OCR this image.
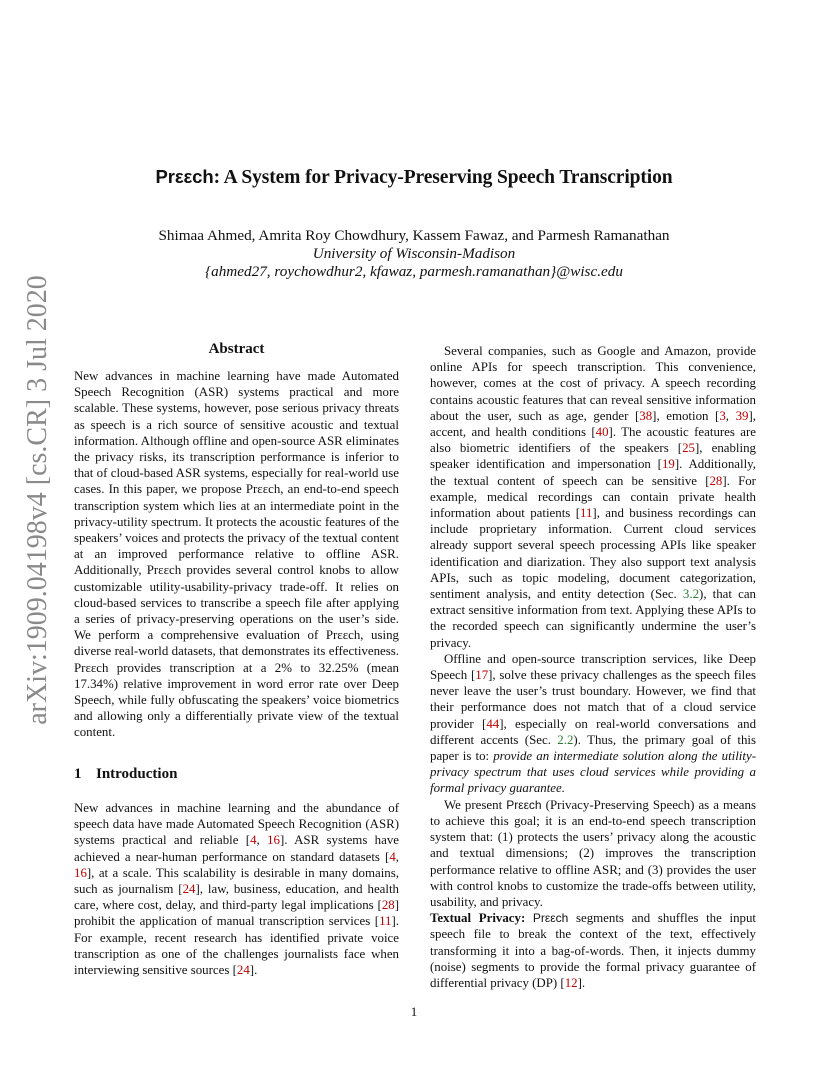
arXiv:1909.04198v4 [cs.CR] 3 Jul 2020
Prεεch: A System for Privacy-Preserving Speech Transcription
Shimaa Ahmed, Amrita Roy Chowdhury, Kassem Fawaz, and Parmesh Ramanathan
University of Wisconsin-Madison
{ahmed27, roychowdhur2, kfawaz, parmesh.ramanathan}@wisc.edu
Abstract

New advances in machine learning have made Automated Speech Recognition (ASR) systems practical and more scalable. These systems, however, pose serious privacy threats as speech is a rich source of sensitive acoustic and textual information. Although offline and open-source ASR eliminates the privacy risks, its transcription performance is inferior to that of cloud-based ASR systems, especially for real-world use cases. In this paper, we propose Prεεch, an end-to-end speech transcription system which lies at an intermediate point in the privacy-utility spectrum. It protects the acoustic features of the speakers’ voices and protects the privacy of the textual content at an improved performance relative to offline ASR. Additionally, Prεεch provides several control knobs to allow customizable utility-usability-privacy trade-off. It relies on cloud-based services to transcribe a speech file after applying a series of privacy-preserving operations on the user’s side. We perform a comprehensive evaluation of Prεεch, using diverse real-world datasets, that demonstrates its effectiveness. Prεεch provides transcription at a 2% to 32.25% (mean 17.34%) relative improvement in word error rate over Deep Speech, while fully obfuscating the speakers’ voice biometrics and allowing only a differentially private view of the textual content.

1 Introduction

New advances in machine learning and the abundance of speech data have made Automated Speech Recognition (ASR) systems practical and reliable [4, 16]. ASR systems have achieved a near-human performance on standard datasets [4, 16], at a scale. This scalability is desirable in many domains, such as journalism [24], law, business, education, and health care, where cost, delay, and third-party legal implications [28] prohibit the application of manual transcription services [11]. For example, recent research has identified private voice transcription as one of the challenges journalists face when interviewing sensitive sources [24].

Several companies, such as Google and Amazon, provide online APIs for speech transcription. This convenience, however, comes at the cost of privacy. A speech recording contains acoustic features that can reveal sensitive information about the user, such as age, gender [38], emotion [3, 39], accent, and health conditions [40]. The acoustic features are also biometric identifiers of the speakers [25], enabling speaker identification and impersonation [19]. Additionally, the textual content of speech can be sensitive [28]. For example, medical recordings can contain private health information about patients [11], and business recordings can include proprietary information. Current cloud services already support several speech processing APIs like speaker identification and diarization. They also support text analysis APIs, such as topic modeling, document categorization, sentiment analysis, and entity detection (Sec. 3.2), that can extract sensitive information from text. Applying these APIs to the recorded speech can significantly undermine the user’s privacy.

Offline and open-source transcription services, like Deep Speech [17], solve these privacy challenges as the speech files never leave the user’s trust boundary. However, we find that their performance does not match that of a cloud service provider [44], especially on real-world conversations and different accents (Sec. 2.2). Thus, the primary goal of this paper is to: provide an intermediate solution along the utility-privacy spectrum that uses cloud services while providing a formal privacy guarantee.

We present Prεεch (Privacy-Preserving Speech) as a means to achieve this goal; it is an end-to-end speech transcription system that: (1) protects the users’ privacy along the acoustic and textual dimensions; (2) improves the transcription performance relative to offline ASR; and (3) provides the user with control knobs to customize the trade-offs between utility, usability, and privacy.

Textual Privacy: Prεεch segments and shuffles the input speech file to break the context of the text, effectively transforming it into a bag-of-words. Then, it injects dummy (noise) segments to provide the formal privacy guarantee of differential privacy (DP) [12].

1
